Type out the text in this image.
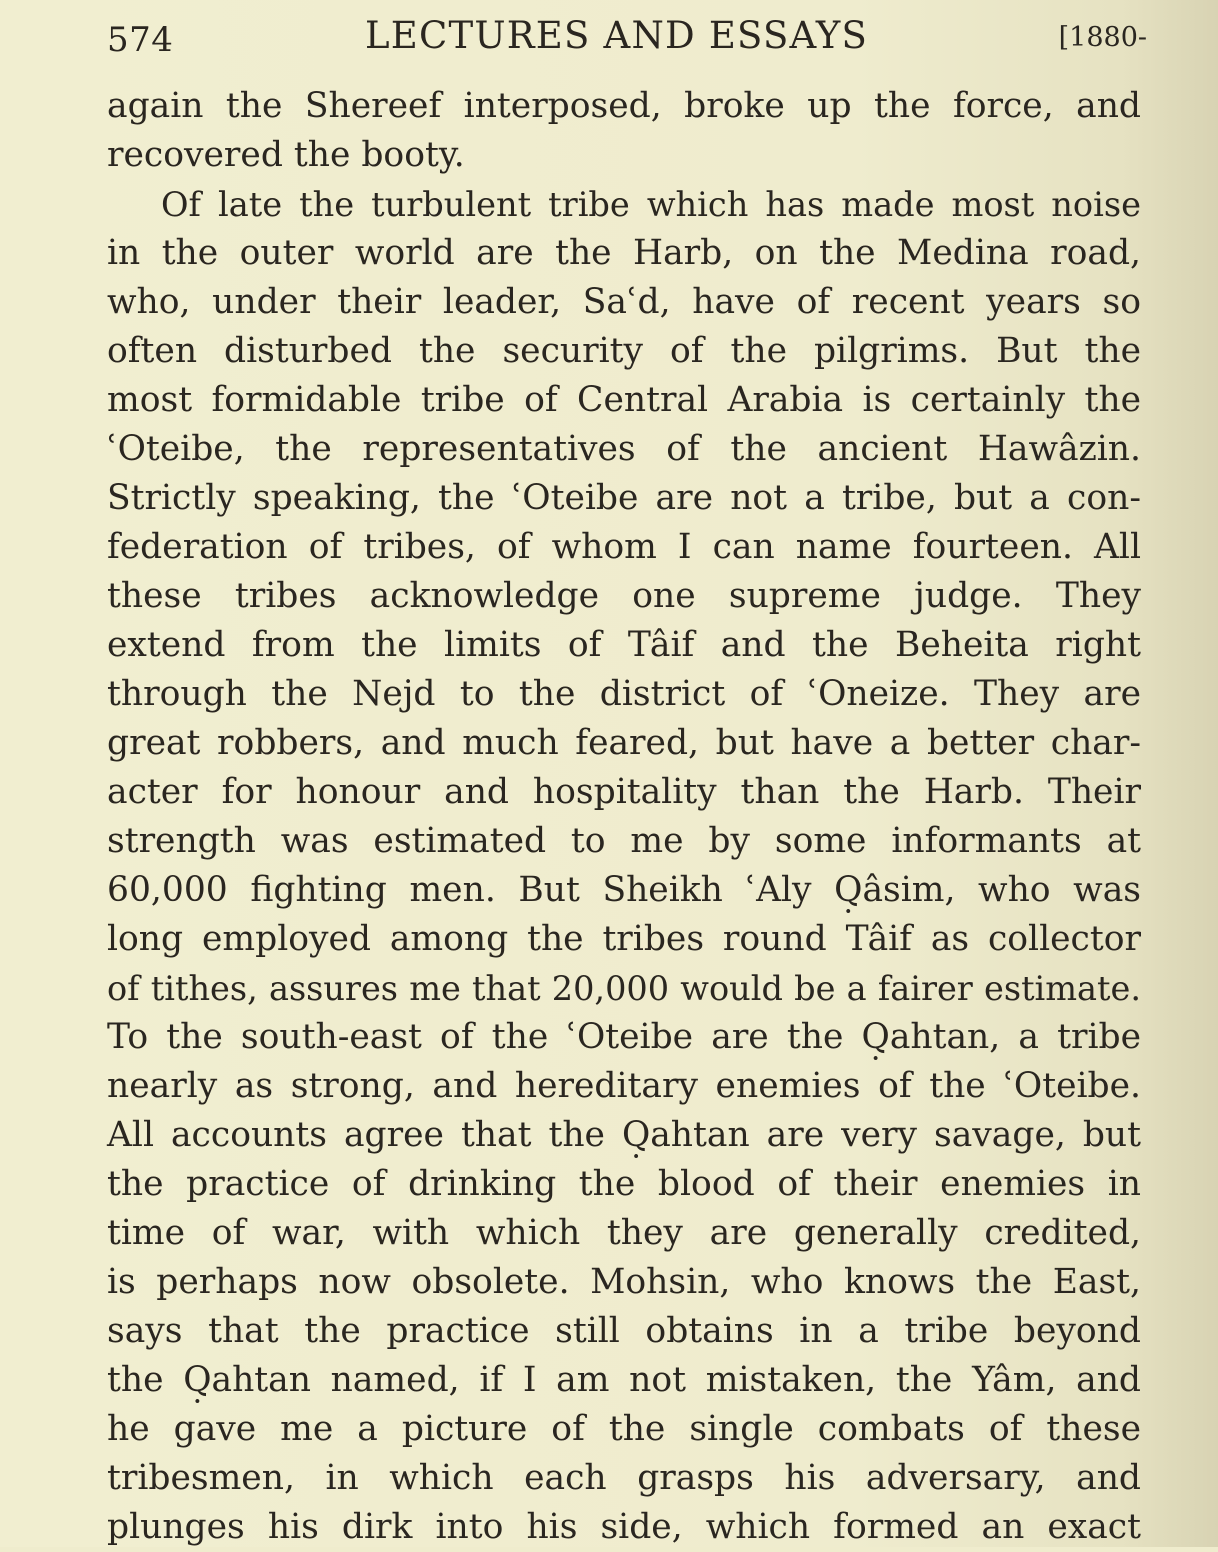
574	LECTURES AND ESSAYS	[1880-
again the Shereef interposed, broke up the force, and
recovered the booty.
Of late the turbulent tribe which has made most noise
in the outer world are the Harb, on the Medina road,
who, under their leader, Saʿd, have of recent years so
often disturbed the security of the pilgrims. But the
most formidable tribe of Central Arabia is certainly the
ʿOteibe, the representatives of the ancient Hawâzin.
Strictly speaking, the ʿOteibe are not a tribe, but a con-
federation of tribes, of whom I can name fourteen. All
these tribes acknowledge one supreme judge. They
extend from the limits of Tâif and the Beheita right
through the Nejd to the district of ʿOneize. They are
great robbers, and much feared, but have a better char-
acter for honour and hospitality than the Harb. Their
strength was estimated to me by some informants at
60,000 fighting men. But Sheikh ʿAly Q̣âsim, who was
long employed among the tribes round Tâif as collector
of tithes, assures me that 20,000 would be a fairer estimate.
To the south-east of the ʿOteibe are the Q̣ahtan, a tribe
nearly as strong, and hereditary enemies of the ʿOteibe.
All accounts agree that the Q̣ahtan are very savage, but
the practice of drinking the blood of their enemies in
time of war, with which they are generally credited,
is perhaps now obsolete. Mohsin, who knows the East,
says that the practice still obtains in a tribe beyond
the Q̣ahtan named, if I am not mistaken, the Yâm, and
he gave me a picture of the single combats of these
tribesmen, in which each grasps his adversary, and
plunges his dirk into his side, which formed an exact
